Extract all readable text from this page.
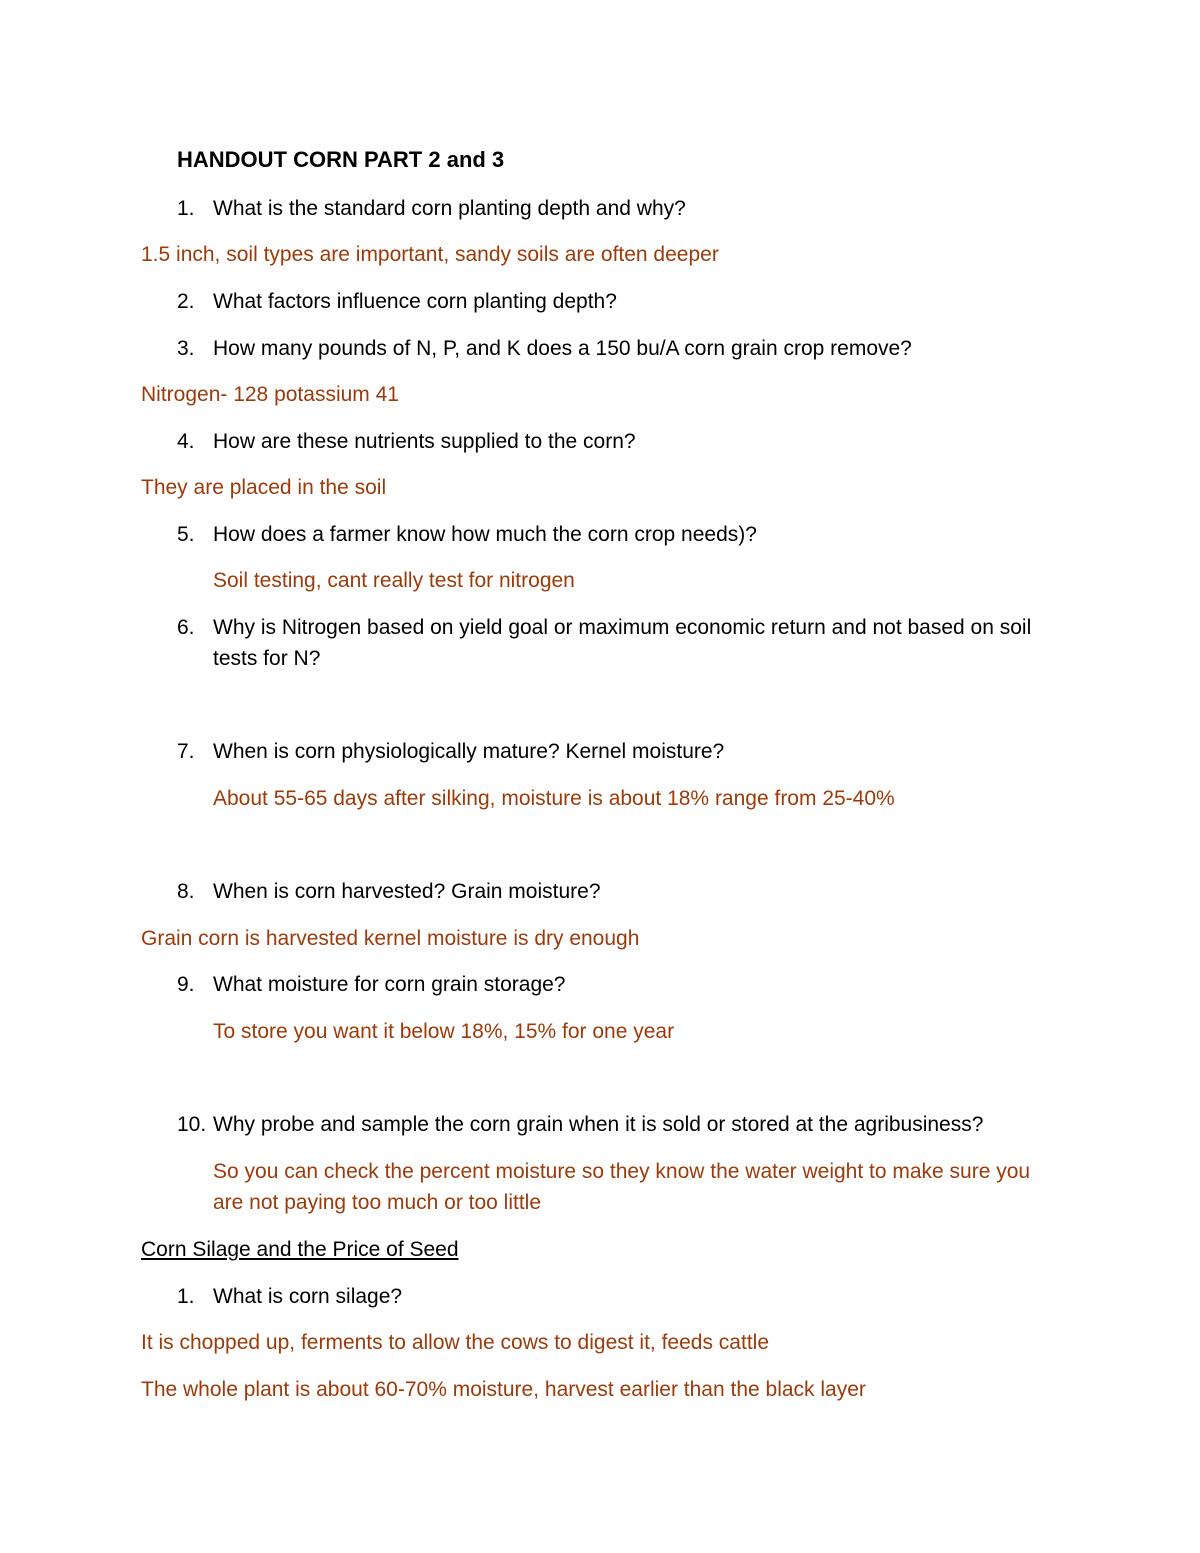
HANDOUT CORN PART 2 and 3
1. What is the standard corn planting depth and why?
1.5 inch, soil types are important, sandy soils are often deeper
2. What factors influence corn planting depth?
3. How many pounds of N, P, and K does a 150 bu/A corn grain crop remove?
Nitrogen- 128 potassium 41
4. How are these nutrients supplied to the corn?
They are placed in the soil
5. How does a farmer know how much the corn crop needs)?
Soil testing, cant really test for nitrogen
6. Why is Nitrogen based on yield goal or maximum economic return and not based on soil
tests for N?
7. When is corn physiologically mature? Kernel moisture?
About 55-65 days after silking, moisture is about 18% range from 25-40%
8. When is corn harvested? Grain moisture?
Grain corn is harvested kernel moisture is dry enough
9. What moisture for corn grain storage?
To store you want it below 18%, 15% for one year
10. Why probe and sample the corn grain when it is sold or stored at the agribusiness?
So you can check the percent moisture so they know the water weight to make sure you
are not paying too much or too little
Corn Silage and the Price of Seed
1. What is corn silage?
It is chopped up, ferments to allow the cows to digest it, feeds cattle
The whole plant is about 60-70% moisture, harvest earlier than the black layer
